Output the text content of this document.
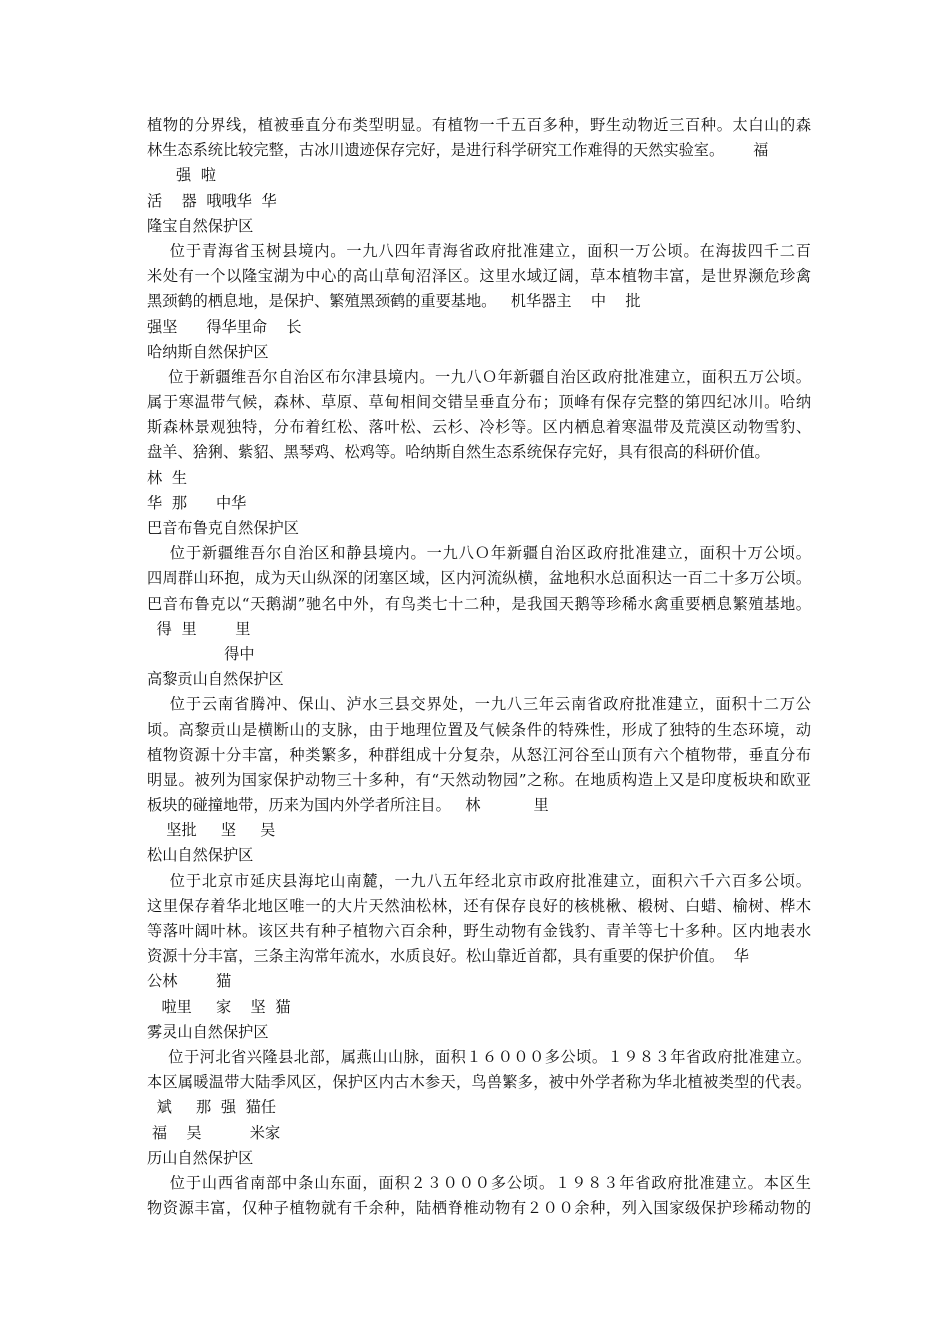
植物的分界线，植被垂直分布类型明显。有植物一千五百多种，野生动物近三百种。太白山的森
林生态系统比较完整，古冰川遗迹保存完好，是进行科学研究工作难得的天然实验室。      福
强  啦
活    器  哦哦华  华
隆宝自然保护区
位于青海省玉树县境内。一九八四年青海省政府批准建立，面积一万公顷。在海拔四千二百
米处有一个以隆宝湖为中心的高山草甸沼泽区。这里水域辽阔，草本植物丰富，是世界濒危珍禽
黑颈鹤的栖息地，是保护、繁殖黑颈鹤的重要基地。   机华器主    中    批
强坚      得华里命    长
哈纳斯自然保护区
位于新疆维吾尔自治区布尔津县境内。一九八Ｏ年新疆自治区政府批准建立，面积五万公顷。
属于寒温带气候，森林、草原、草甸相间交错呈垂直分布；顶峰有保存完整的第四纪冰川。哈纳
斯森林景观独特，分布着红松、落叶松、云杉、冷杉等。区内栖息着寒温带及荒漠区动物雪豹、
盘羊、猞猁、紫貂、黑琴鸡、松鸡等。哈纳斯自然生态系统保存完好，具有很高的科研价值。
林  生
华  那      中华
巴音布鲁克自然保护区
位于新疆维吾尔自治区和静县境内。一九八Ｏ年新疆自治区政府批准建立，面积十万公顷。
四周群山环抱，成为天山纵深的闭塞区域，区内河流纵横，盆地积水总面积达一百二十多万公顷。
巴音布鲁克以“天鹅湖”驰名中外，有鸟类七十二种，是我国天鹅等珍稀水禽重要栖息繁殖基地。
得  里        里
得中
高黎贡山自然保护区
位于云南省腾冲、保山、泸水三县交界处，一九八三年云南省政府批准建立，面积十二万公
顷。高黎贡山是横断山的支脉，由于地理位置及气候条件的特殊性，形成了独特的生态环境，动
植物资源十分丰富，种类繁多，种群组成十分复杂，从怒江河谷至山顶有六个植物带，垂直分布
明显。被列为国家保护动物三十多种，有“天然动物园”之称。在地质构造上又是印度板块和欧亚
板块的碰撞地带，历来为国内外学者所注目。   林           里
坚批     坚     吴
松山自然保护区
位于北京市延庆县海坨山南麓，一九八五年经北京市政府批准建立，面积六千六百多公顷。
这里保存着华北地区唯一的大片天然油松林，还有保存良好的核桃楸、椴树、白蜡、榆树、桦木
等落叶阔叶林。该区共有种子植物六百余种，野生动物有金钱豹、青羊等七十多种。区内地表水
资源十分丰富，三条主沟常年流水，水质良好。松山靠近首都，具有重要的保护价值。  华
公林        猫
啦里     家    坚  猫
雾灵山自然保护区
位于河北省兴隆县北部，属燕山山脉，面积１６０００多公顷。１９８３年省政府批准建立。
本区属暖温带大陆季风区，保护区内古木参天，鸟兽繁多，被中外学者称为华北植被类型的代表。
斌     那  强  猫任
福    吴          米家
历山自然保护区
位于山西省南部中条山东面，面积２３０００多公顷。１９８３年省政府批准建立。本区生
物资源丰富，仅种子植物就有千余种，陆栖脊椎动物有２００余种，列入国家级保护珍稀动物的
